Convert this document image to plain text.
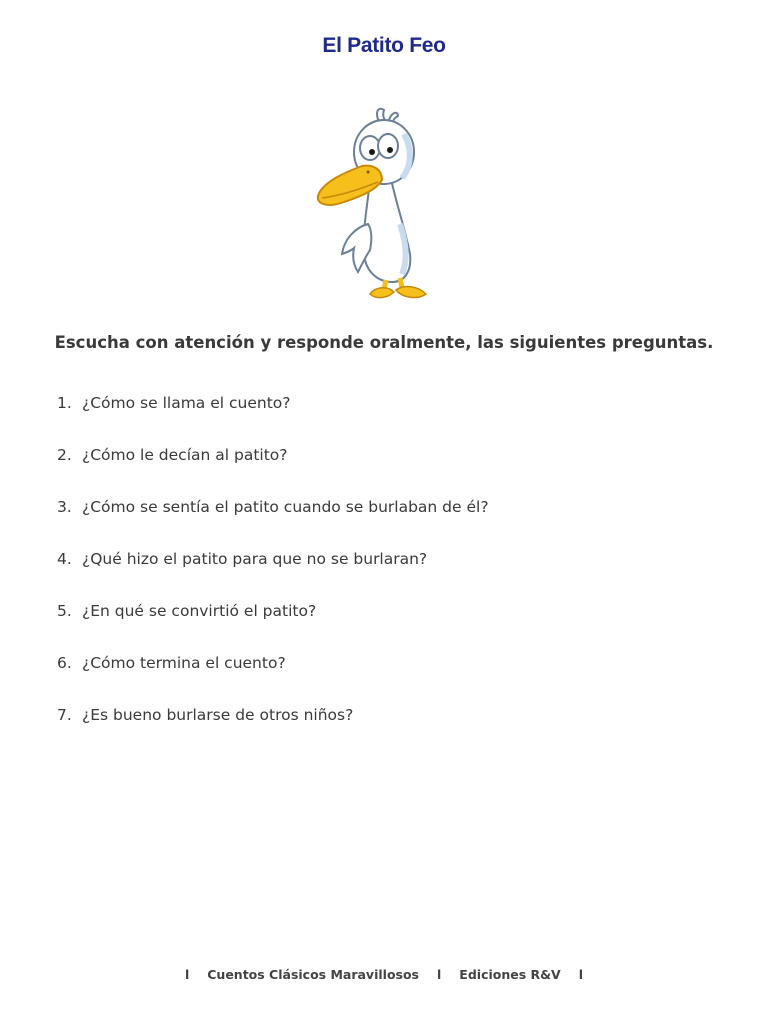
El Patito Feo
Escucha con atención y responde oralmente, las siguientes preguntas.
1. ¿Cómo se llama el cuento?
2. ¿Cómo le decían al patito?
3. ¿Cómo se sentía el patito cuando se burlaban de él?
4. ¿Qué hizo el patito para que no se burlaran?
5. ¿En qué se convirtió el patito?
6. ¿Cómo termina el cuento?
7. ¿Es bueno burlarse de otros niños?
l Cuentos Clásicos Maravillosos l Ediciones R&V l
